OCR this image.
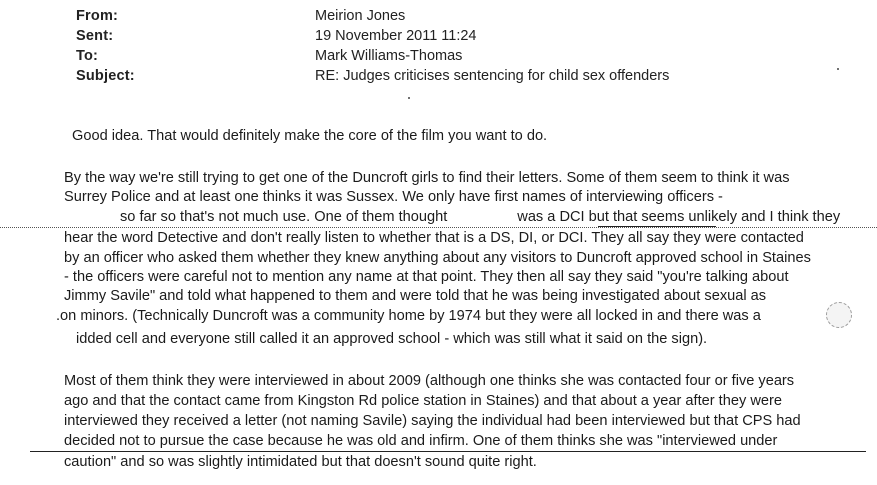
From:	Meirion Jones
Sent:	19 November 2011 11:24
To:	Mark Williams-Thomas
Subject:	RE: Judges criticises sentencing for child sex offenders
Good idea. That would definitely make the core of the film you want to do.
By the way we're still trying to get one of the Duncroft girls to find their letters. Some of them seem to think it was
Surrey Police and at least one thinks it was Sussex. We only have first names of interviewing officers -
so far so that's not much use. One of them thought	was a DCI but that seems unlikely and I think they
hear the word Detective and don't really listen to whether that is a DS, DI, or DCI. They all say they were contacted
by an officer who asked them whether they knew anything about any visitors to Duncroft approved school in Staines
- the officers were careful not to mention any name at that point. They then all say they said "you're talking about
Jimmy Savile" and told what happened to them and were told that he was being investigated about sexual as
.on minors. (Technically Duncroft was a community home by 1974 but they were all locked in and there was a
idded cell and everyone still called it an approved school - which was still what it said on the sign).
Most of them think they were interviewed in about 2009 (although one thinks she was contacted four or five years
ago and that the contact came from Kingston Rd police station in Staines) and that about a year after they were
interviewed they received a letter (not naming Savile) saying the individual had been interviewed but that CPS had
decided not to pursue the case because he was old and infirm. One of them thinks she was "interviewed under
caution" and so was slightly intimidated but that doesn't sound quite right.
